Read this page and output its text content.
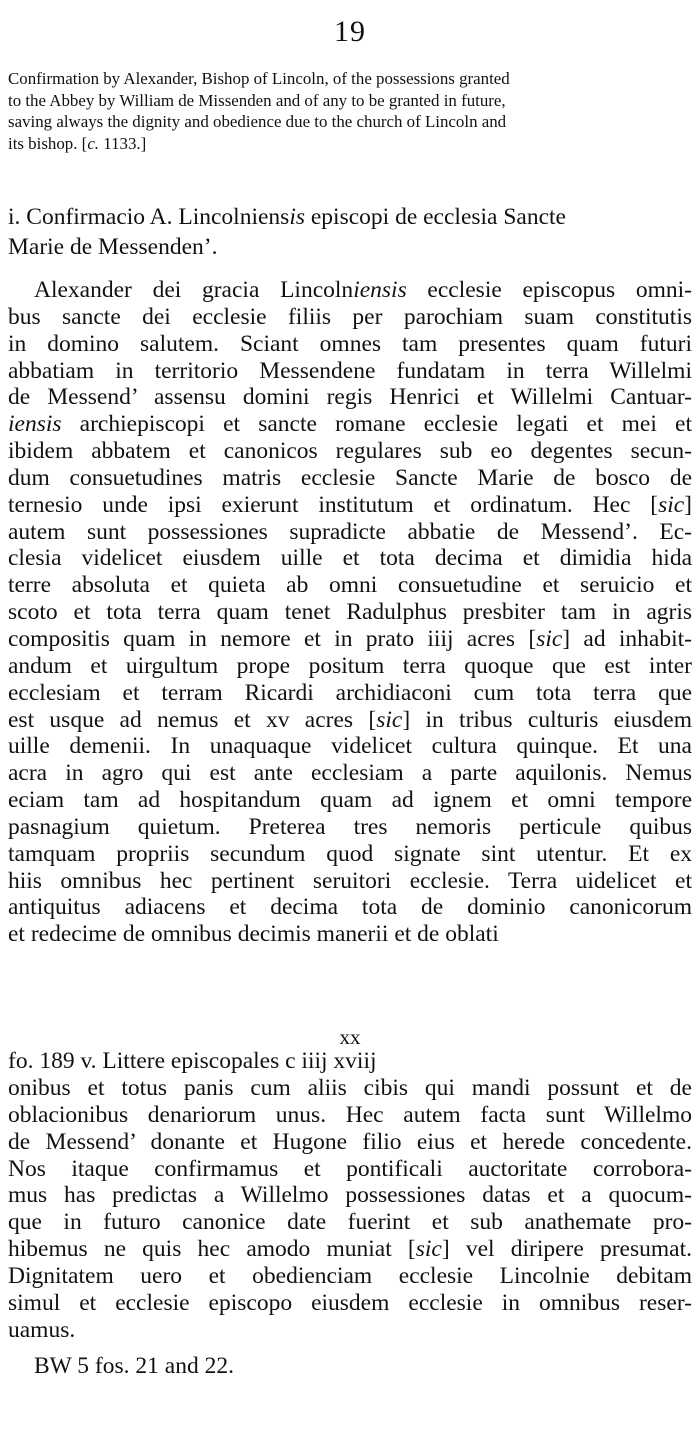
19
Confirmation by Alexander, Bishop of Lincoln, of the possessions granted
to the Abbey by William de Missenden and of any to be granted in future,
saving always the dignity and obedience due to the church of Lincoln and
its bishop. [c. 1133.]
i. Confirmacio A. Lincolniensis episcopi de ecclesia Sancte
Marie de Messenden’.
Alexander dei gracia Lincolniensis ecclesie episcopus omni-
bus sancte dei ecclesie filiis per parochiam suam constitutis
in domino salutem. Sciant omnes tam presentes quam futuri
abbatiam in territorio Messendene fundatam in terra Willelmi
de Messend’ assensu domini regis Henrici et Willelmi Cantuar-
iensis archiepiscopi et sancte romane ecclesie legati et mei et
ibidem abbatem et canonicos regulares sub eo degentes secun-
dum consuetudines matris ecclesie Sancte Marie de bosco de
ternesio unde ipsi exierunt institutum et ordinatum. Hec [sic]
autem sunt possessiones supradicte abbatie de Messend’. Ec-
clesia videlicet eiusdem uille et tota decima et dimidia hida
terre absoluta et quieta ab omni consuetudine et seruicio et
scoto et tota terra quam tenet Radulphus presbiter tam in agris
compositis quam in nemore et in prato iiij acres [sic] ad inhabit-
andum et uirgultum prope positum terra quoque que est inter
ecclesiam et terram Ricardi archidiaconi cum tota terra que
est usque ad nemus et xv acres [sic] in tribus culturis eiusdem
uille demenii. In unaquaque videlicet cultura quinque. Et una
acra in agro qui est ante ecclesiam a parte aquilonis. Nemus
eciam tam ad hospitandum quam ad ignem et omni tempore
pasnagium quietum. Preterea tres nemoris perticule quibus
tamquam propriis secundum quod signate sint utentur. Et ex
hiis omnibus hec pertinent seruitori ecclesie. Terra uidelicet et
antiquitus adiacens et decima tota de dominio canonicorum
et redecime de omnibus decimis manerii et de oblati
xx
fo. 189 v. Littere episcopales c iiij xviij
onibus et totus panis cum aliis cibis qui mandi possunt et de
oblacionibus denariorum unus. Hec autem facta sunt Willelmo
de Messend’ donante et Hugone filio eius et herede concedente.
Nos itaque confirmamus et pontificali auctoritate corrobora-
mus has predictas a Willelmo possessiones datas et a quocum-
que in futuro canonice date fuerint et sub anathemate pro-
hibemus ne quis hec amodo muniat [sic] vel diripere presumat.
Dignitatem uero et obedienciam ecclesie Lincolnie debitam
simul et ecclesie episcopo eiusdem ecclesie in omnibus reser-
uamus.
BW 5 fos. 21 and 22.
